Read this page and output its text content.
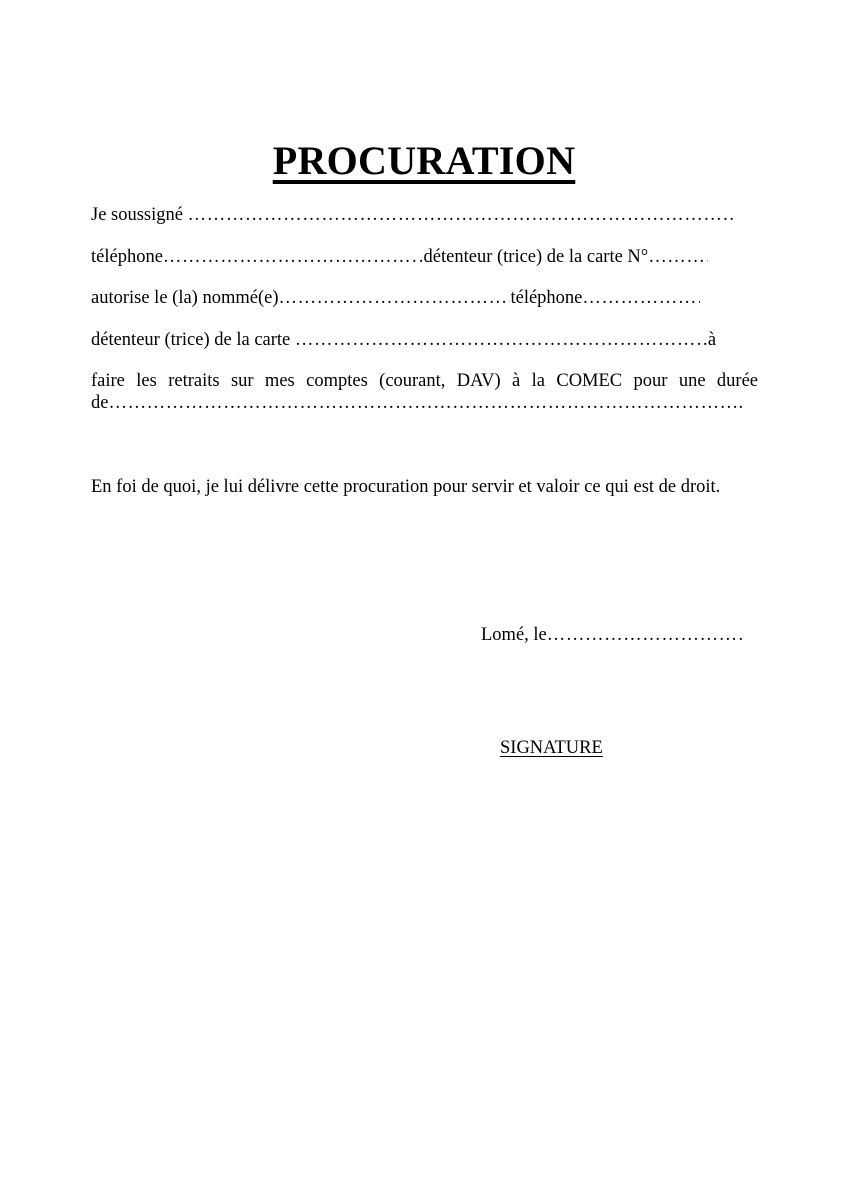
PROCURATION
Je soussigné
…………………………………………………………………………………………………………………………………………………………
téléphone …………………………………………………………………………………………………………………………………………………………	.détenteur (trice) de la carte N°
…………………………………………………………………………………………………………………………………………………………
autorise le (la) nommé(e) …………………………………………………………………………………………………………………………………………………………	téléphone
…………………………………………………………………………………………………………………………………………………………
détenteur (trice) de la carte …………………………………………………………………………………………………………………………………………………………	à
faire les retraits sur mes comptes (courant, DAV) à la COMEC pour une durée
de …………………………………………………………………………………………………………………………………………………………	.
En foi de quoi, je lui délivre cette procuration pour servir et valoir ce qui est de droit.
Lomé, le
…………………………………………………………………………………………………………………………………………………………
SIGNATURE
